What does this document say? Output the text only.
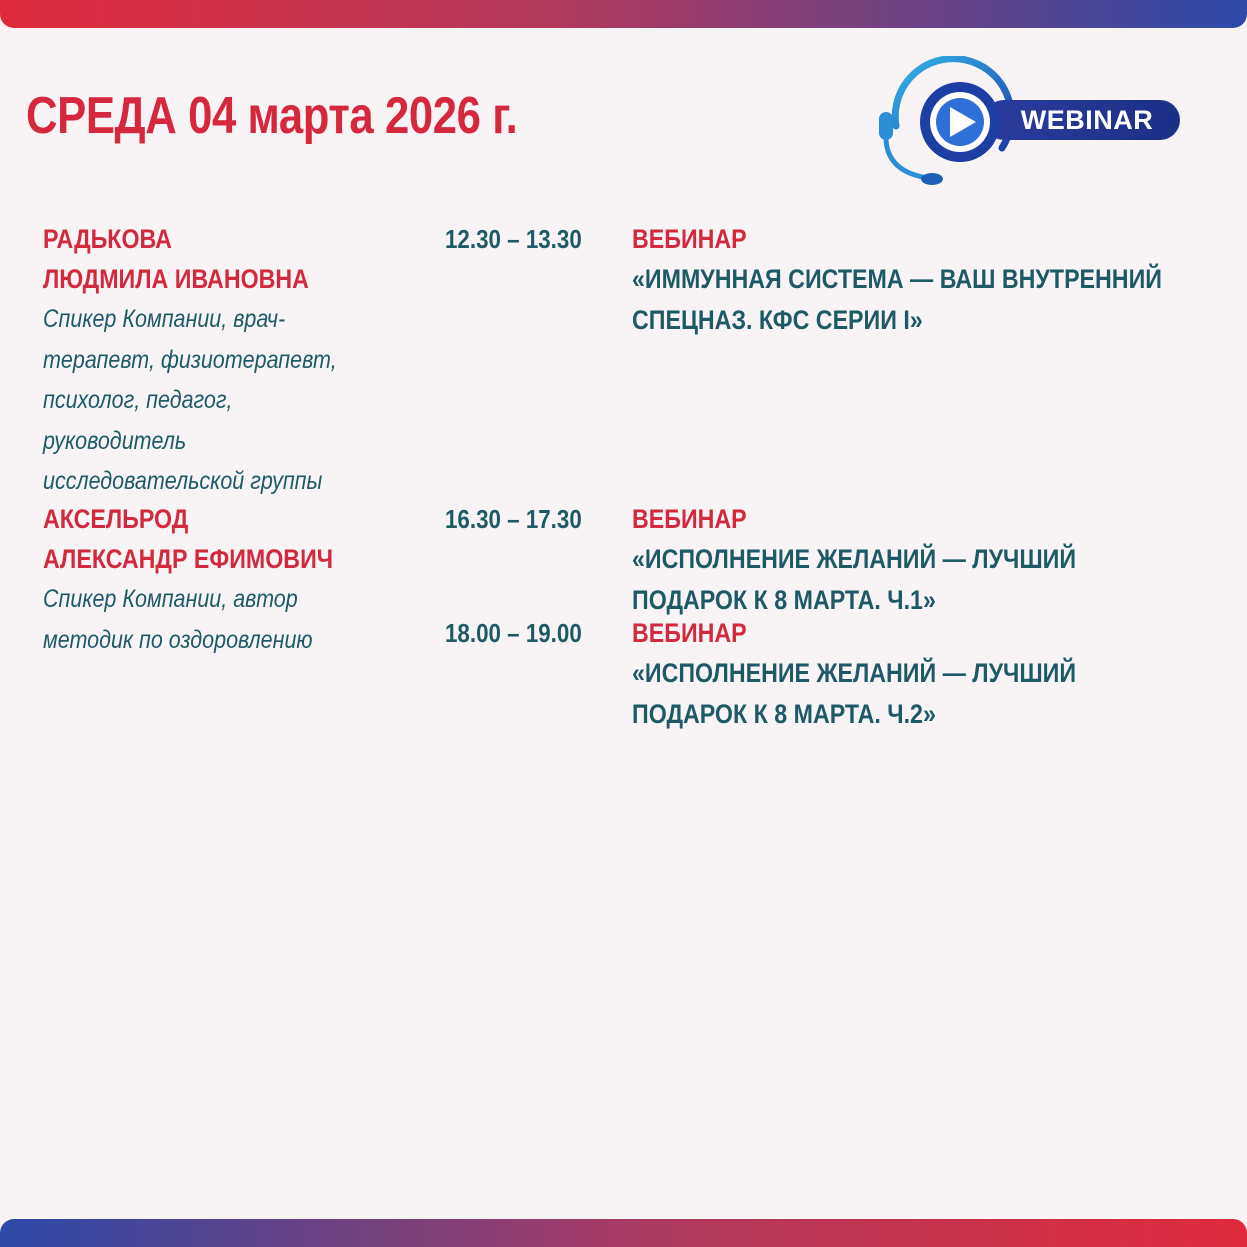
СРЕДА 04 марта 2026 г.	WEBINAR
РАДЬКОВА
ЛЮДМИЛА ИВАНОВНА
Спикер Компании, врач-
терапевт, физиотерапевт,
психолог, педагог,
руководитель
исследовательской группы
АКСЕЛЬРОД
АЛЕКСАНДР ЕФИМОВИЧ
Спикер Компании, автор
методик по оздоровлению
12.30 – 13.30
16.30 – 17.30
18.00 – 19.00
ВЕБИНАР
«ИММУННАЯ СИСТЕМА — ВАШ ВНУТРЕННИЙ
СПЕЦНАЗ. КФС СЕРИИ I»
ВЕБИНАР
«ИСПОЛНЕНИЕ ЖЕЛАНИЙ — ЛУЧШИЙ
ПОДАРОК К 8 МАРТА. Ч.1»
ВЕБИНАР
«ИСПОЛНЕНИЕ ЖЕЛАНИЙ — ЛУЧШИЙ
ПОДАРОК К 8 МАРТА. Ч.2»
